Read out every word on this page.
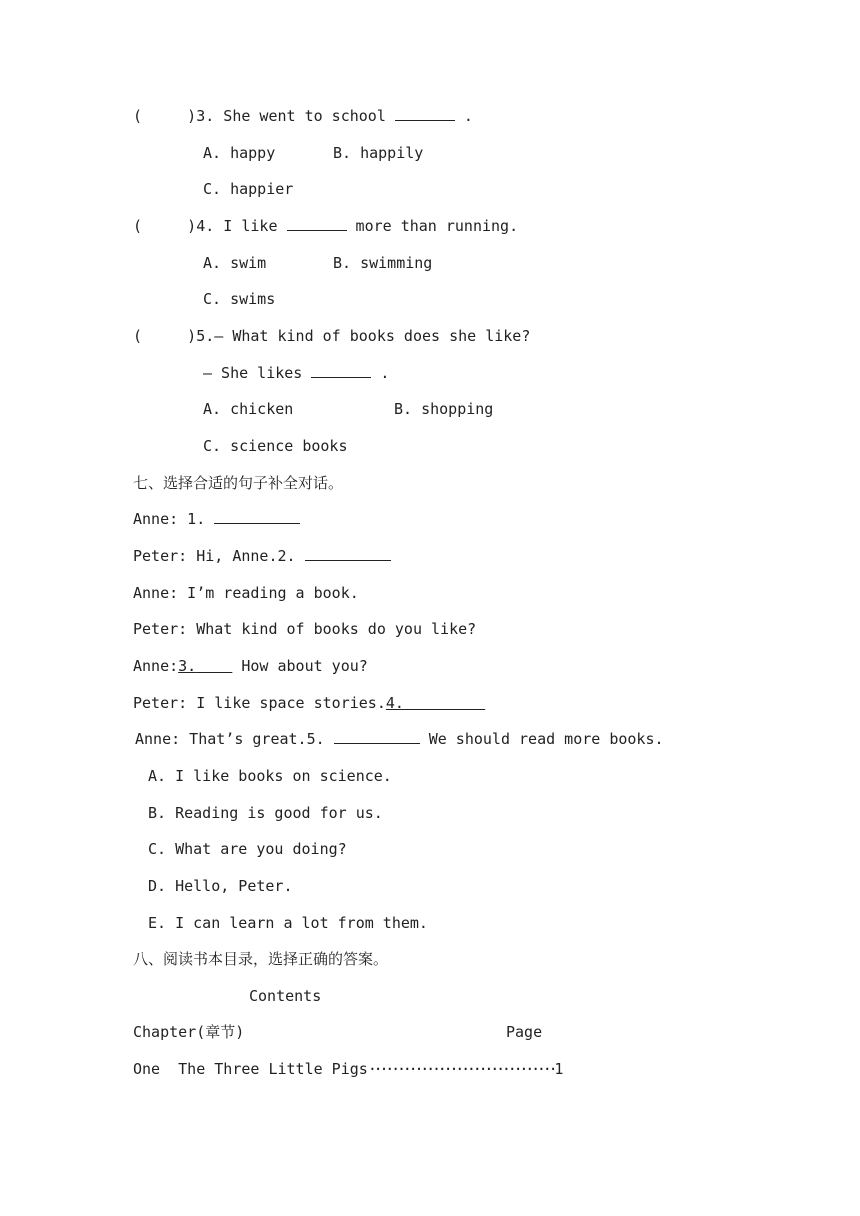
(     )3. She went to school	.
A. happy	B. happily
C. happier
(     )4. I like	more than running.
A. swim	B. swimming
C. swims
(     )5.— What kind of books does she like?
— She likes	.
A. chicken	B. shopping
C. science books
七、选择合适的句子补全对话。
Anne: 1.
Peter: Hi, Anne.2.
Anne: I’m reading a book.
Peter: What kind of books do you like?
Anne:3.     How about you?
Peter: I like space stories.4.
Anne: That’s great.5.	We should read more books.
A. I like books on science.
B. Reading is good for us.
C. What are you doing?
D. Hello, Peter.
E. I can learn a lot from them.
八、阅读书本目录，选择正确的答案。
Contents
Chapter(章节)	Page
One  The Three Little Pigs································1
